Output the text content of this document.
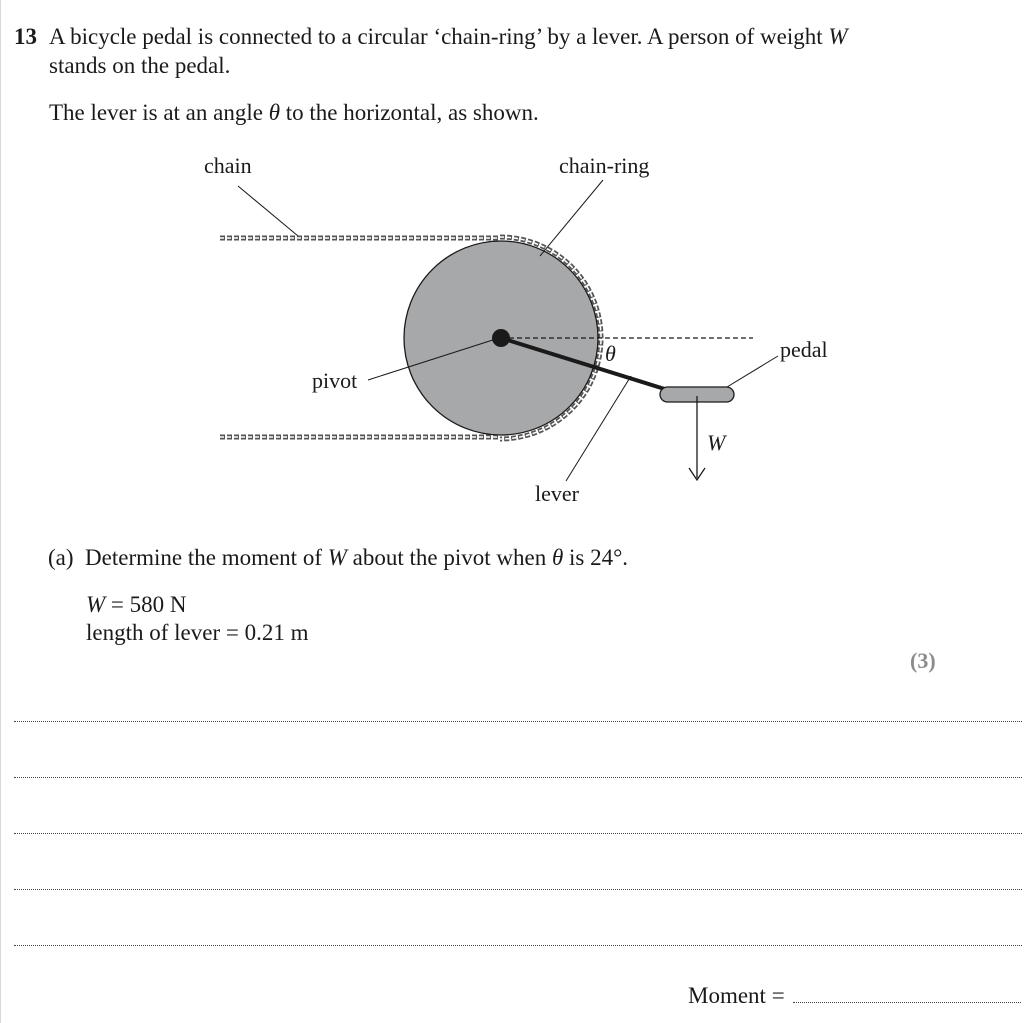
13 A bicycle pedal is connected to a circular ‘chain-ring’ by a lever. A person of weight W
stands on the pedal.
The lever is at an angle θ to the horizontal, as shown.
chain	chain-ring
pivot
pedal
lever
W
θ
(a) Determine the moment of W about the pivot when θ is 24°.
W = 580 N
length of lever = 0.21 m
(3)
Moment =
